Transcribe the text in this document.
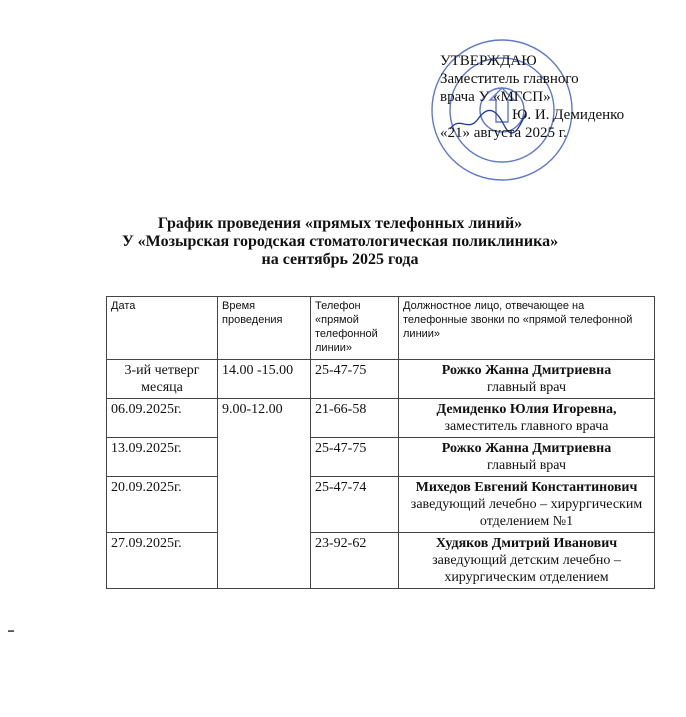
УТВЕРЖДАЮ
Заместитель главного
врача У «МГСП»
Ю. И. Демиденко
«21» августа 2025 г.
График проведения «прямых телефонных линий»
У «Мозырская городская стоматологическая поликлиника»
на сентябрь 2025 года
Дата	Время проведения	Телефон «прямой телефонной линии»	Должностное лицо, отвечающее на телефонные звонки по «прямой телефонной линии»
3-ий четверг месяца	14.00 -15.00	25-47-75	Рожко Жанна Дмитриевна
главный врач

06.09.2025г.	9.00-12.00	21-66-58	Демиденко Юлия Игоревна,
заместитель главного врача

13.09.2025г.		25-47-75	Рожко Жанна Дмитриевна
главный врач

20.09.2025г.		25-47-74	Михедов Евгений Константинович
заведующий лечебно – хирургическим отделением №1

27.09.2025г.		23-92-62	Худяков Дмитрий Иванович
заведующий детским лечебно – хирургическим отделением
▬
